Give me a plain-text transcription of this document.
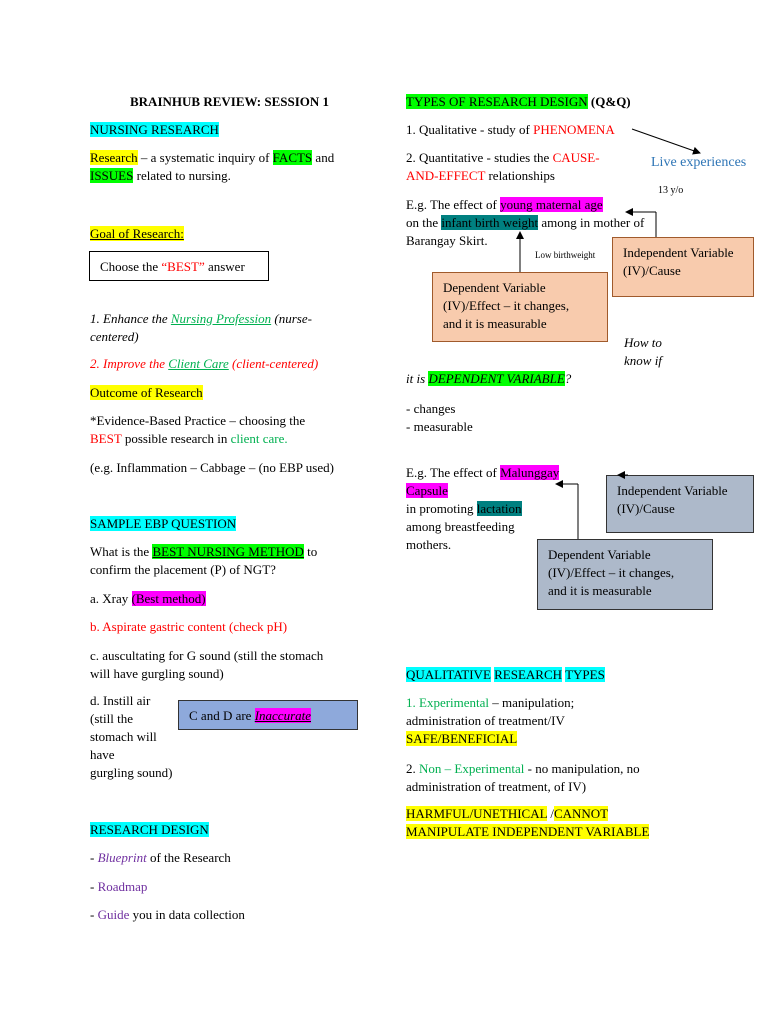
BRAINHUB REVIEW: SESSION 1
NURSING RESEARCH
Research – a systematic inquiry of FACTS and ISSUES related to nursing.
Goal of Research:
Choose the “BEST” answer
1. Enhance the Nursing Profession (nurse-
centered)
2. Improve the Client Care (client-centered)
Outcome of Research
*Evidence-Based Practice – choosing the
BEST possible research in client care.
(e.g. Inflammation – Cabbage – (no EBP used)
SAMPLE EBP QUESTION
What is the BEST NURSING METHOD to
confirm the placement (P) of NGT?
a. Xray (Best method)
b. Aspirate gastric content (check pH)
c. auscultating for G sound (still the stomach
will have gurgling sound)
d. Instill air
(still the
stomach will
have
gurgling sound)
C and D are Inaccurate
RESEARCH DESIGN
- Blueprint of the Research
- Roadmap
- Guide you in data collection
TYPES OF RESEARCH DESIGN (Q&Q)
1. Qualitative - study of PHENOMENA
Live experiences
2. Quantitative - studies the CAUSE-
AND-EFFECT relationships
13 y/o
E.g. The effect of young maternal age
on the infant birth weight among in mother of
Barangay Skirt.
Low birthweight	Independent Variable
(IV)/Cause
Dependent Variable
(IV)/Effect – it changes,
and it is measurable
How to
know if
it is DEPENDENT VARIABLE?
- changes
- measurable
E.g. The effect of Malunggay
Capsule
in promoting lactation
among breastfeeding
mothers.
Independent Variable
(IV)/Cause
Dependent Variable
(IV)/Effect – it changes,
and it is measurable
QUALITATIVE RESEARCH TYPES
1. Experimental – manipulation;
administration of treatment/IV
SAFE/BENEFICIAL
2. Non – Experimental - no manipulation, no
administration of treatment, of IV)
HARMFUL/UNETHICAL /CANNOT
MANIPULATE INDEPENDENT VARIABLE
